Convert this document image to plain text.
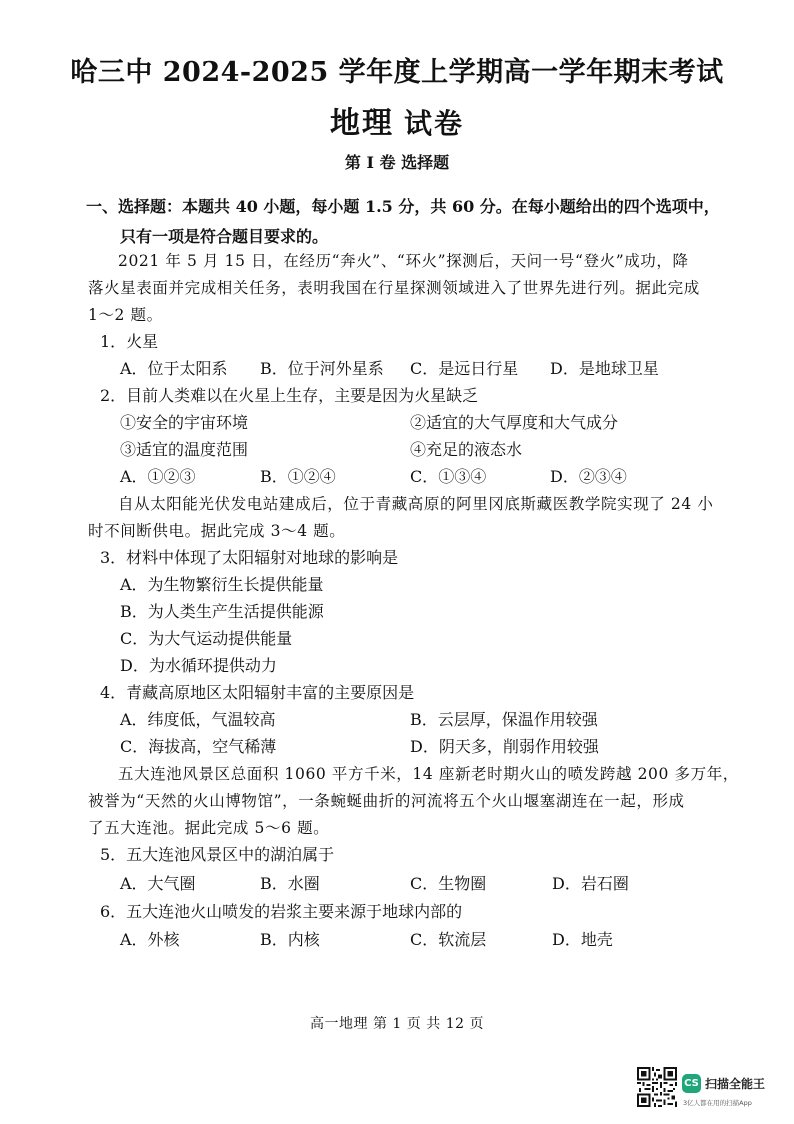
哈三中 2024-2025 学年度上学期高一学年期末考试
地理 试卷
第 I 卷 选择题
一、选择题：本题共 40 小题，每小题 1.5 分，共 60 分。在每小题给出的四个选项中，
只有一项是符合题目要求的。
2021 年 5 月 15 日，在经历“奔火”、“环火”探测后，天问一号“登火”成功，降
落火星表面并完成相关任务，表明我国在行星探测领域进入了世界先进行列。据此完成
1～2 题。
1．火星
A．位于太阳系 B．位于河外星系 C．是远日行星 D．是地球卫星
2．目前人类难以在火星上生存，主要是因为火星缺乏
①安全的宇宙环境	②适宜的大气厚度和大气成分
③适宜的温度范围	④充足的液态水
A．①②③	B．①②④	C．①③④	D．②③④
自从太阳能光伏发电站建成后，位于青藏高原的阿里冈底斯藏医教学院实现了 24 小
时不间断供电。据此完成 3～4 题。
3．材料中体现了太阳辐射对地球的影响是
A．为生物繁衍生长提供能量
B．为人类生产生活提供能源
C．为大气运动提供能量
D．为水循环提供动力
4．青藏高原地区太阳辐射丰富的主要原因是
A．纬度低，气温较高	B．云层厚，保温作用较强
C．海拔高，空气稀薄	D．阴天多，削弱作用较强
五大连池风景区总面积 1060 平方千米，14 座新老时期火山的喷发跨越 200 多万年，
被誉为“天然的火山博物馆”，一条蜿蜒曲折的河流将五个火山堰塞湖连在一起，形成
了五大连池。据此完成 5～6 题。
5．五大连池风景区中的湖泊属于
A．大气圈	B．水圈	C．生物圈	D．岩石圈
6．五大连池火山喷发的岩浆主要来源于地球内部的
A．外核	B．内核	C．软流层	D．地壳
高一地理 第 1 页 共 12 页
CS 扫描全能王
3亿人都在用的扫描App
